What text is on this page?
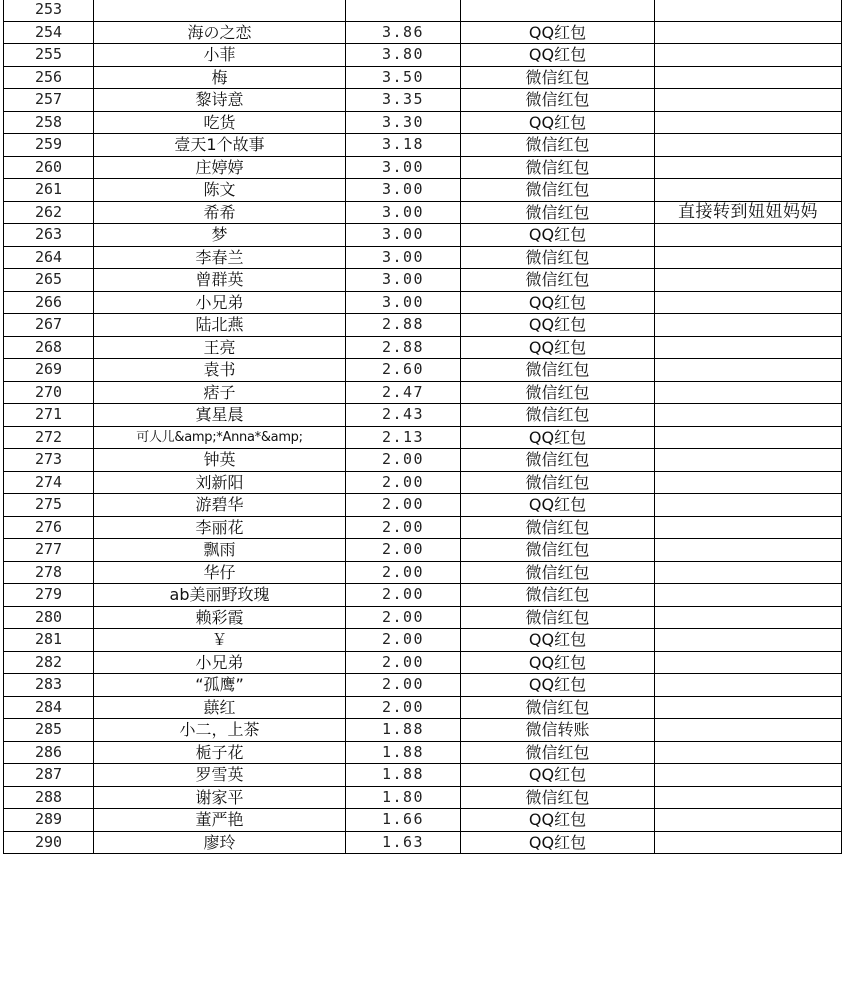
253				
254	海の之恋	3.86	QQ红包	
255	小菲	3.80	QQ红包	
256	梅	3.50	微信红包	
257	黎诗意	3.35	微信红包	
258	吃货	3.30	QQ红包	
259	壹天1个故事	3.18	微信红包	
260	庄婷婷	3.00	微信红包	
261	陈文	3.00	微信红包	
262	希希	3.00	微信红包	直接转到妞妞妈妈
263	梦	3.00	QQ红包	
264	李春兰	3.00	微信红包	
265	曾群英	3.00	微信红包	
266	小兄弟	3.00	QQ红包	
267	陆北燕	2.88	QQ红包	
268	王亮	2.88	QQ红包	
269	袁书	2.60	微信红包	
270	痞子	2.47	微信红包	
271	寘星晨	2.43	微信红包	
272	可人儿&amp;*Anna*&amp;	2.13	QQ红包	
273	钟英	2.00	微信红包	
274	刘新阳	2.00	微信红包	
275	游碧华	2.00	QQ红包	
276	李丽花	2.00	微信红包	
277	飘雨	2.00	微信红包	
278	华仔	2.00	微信红包	
279	ab美丽野玫瑰	2.00	微信红包	
280	赖彩霞	2.00	微信红包	
281	￥	2.00	QQ红包	
282	小兄弟	2.00	QQ红包	
283	“孤鹰”	2.00	QQ红包	
284	蕻红	2.00	微信红包	
285	小二，上茶	1.88	微信转账	
286	栀子花	1.88	微信红包	
287	罗雪英	1.88	QQ红包	
288	谢家平	1.80	微信红包	
289	董严艳	1.66	QQ红包	
290	廖玲	1.63	QQ红包	
